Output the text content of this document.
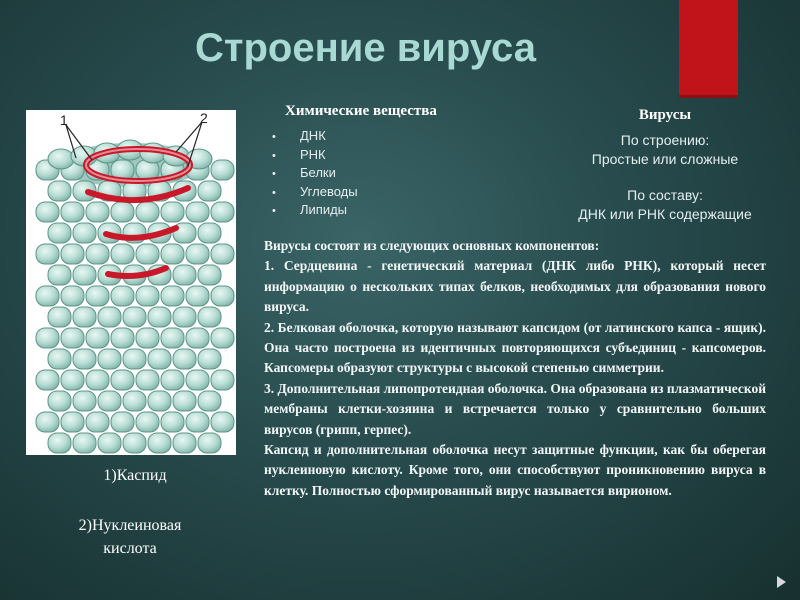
Строение вируса
1	2
1)Каспид
2)Нуклеиновая
кислота
Химические вещества
• ДНК
• РНК
• Белки
• Углеводы
• Липиды
Вирусы
По строению:
Простые или сложные
По составу:
ДНК или РНК содержащие

Вирусы состоят из следующих основных компонентов:

1. Сердцевина - генетический материал (ДНК либо РНК), который несет информацию о нескольких типах белков, необходимых для образования нового вируса.

2. Белковая оболочка, которую называют капсидом (от латинского капса - ящик). Она часто построена из идентичных повторяющихся субъединиц - капсомеров. Капсомеры образуют структуры с высокой степенью симметрии.

3. Дополнительная липопротеидная оболочка. Она образована из плазматической мембраны клетки-хозяина и встречается только у сравнительно больших вирусов (грипп, герпес).

Капсид и дополнительная оболочка несут защитные функции, как бы оберегая нуклеиновую кислоту. Кроме того, они способствуют проникновению вируса в клетку. Полностью сформированный вирус называется вирионом.
